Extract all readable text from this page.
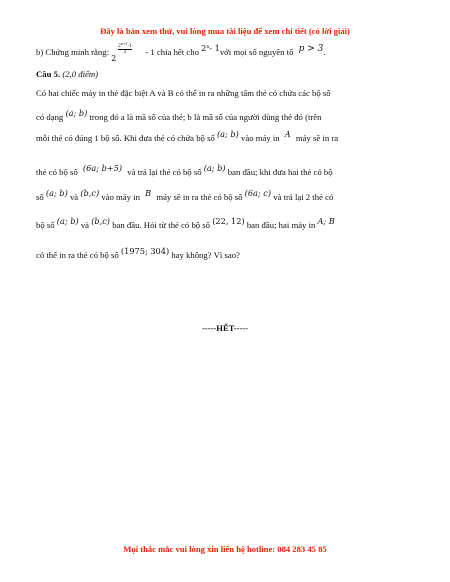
Đây là bản xem thử, vui lòng mua tài liệu để xem chi tiết (có lời giải)
b) Chứng minh rằng:
2
$2^{n+1}-1$
3	- 1 chia hết cho 2$^n$- 1với mọi số nguyên tố p > 3.
Câu 5. (2,0 điểm)
Có hai chiếc máy in thẻ đặc biệt A và B có thể in ra những tấm thẻ có chứa các bộ số
có dạng (a; b) trong đó a là mã số của thẻ; b là mã số của người dùng thẻ đó (trên
mỗi thẻ có đúng 1 bộ số. Khi đưa thẻ có chứa bộ số (a; b) vào máy in A máy sẽ in ra
thẻ có bộ số (6a; b+5) và trả lại thẻ có bộ số (a; b) ban đầu; khi đưa hai thẻ có bộ
số (a; b) và (b,c) vào máy in B máy sẽ in ra thẻ có bộ số (6a; c) và trả lại 2 thẻ có
bộ số (a; b) và (b,c) ban đầu. Hỏi từ thẻ có bộ số (22, 12) ban đầu; hai máy in A; B
có thể in ra thẻ có bộ số (1975; 304) hay không? Vì sao?
-----HẾT-----
Mọi thắc mắc vui lòng xin liên hệ hotline: 084 283 45 85
